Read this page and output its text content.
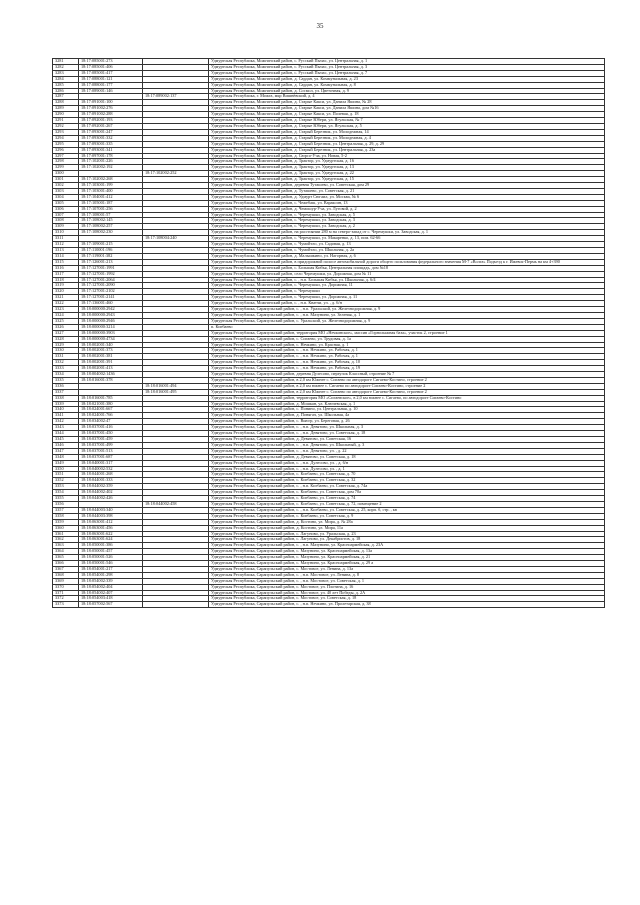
35
3281	18:17:085001:273		Удмуртская Республика, Можгинский район, с. Русский Пычас, ул. Центральная, д. 1
3282	18:17:085001:406		Удмуртская Республика, Можгинский район, с. Русский Пычас, ул. Центральная, д. 3
3283	18:17:085001:417		Удмуртская Республика, Можгинский район, с. Русский Пычас, ул. Центральная, д. 7
3284	18:17:088001:121		Удмуртская Республика, Можгинский район, д. Сардан, ул. Коммунальная, д. 23
3285	18:17:088001:177		Удмуртская Республика, Можгинский район, д. Сардан, ул. Коммунальная, д. 8
3286	18:17:089001:146		Удмуртская Республика, Можгинский район, д. Сосмол, ул. Цветочная, д. 9
3287		18:17:089002:137	Удмуртская Республика, г. Можга, мкр Вишнёвский, д. 4
3288	18:17:091001:100		Удмуртская Республика, Можгинский район, д. Старые Какси, ул. Данила Яшина, № 28
3289	18:17:091002:276		Удмуртская Республика, Можгинский район, д. Старые Какси, ул. Данила Яшина, дом №16
3290	18:17:091002:288		Удмуртская Республика, Можгинский район, д. Старые Какси, ул. Полевая, д. 18
3291	18:17:092001:193		Удмуртская Республика, Можгинский район, д. Старые Юбери, ул. Ягульская, № 7
3292	18:17:092001:267		Удмуртская Республика, Можгинский район, д. Старые Юбери, ул. Ягульская, д. 5
3293	18:17:093001:247		Удмуртская Республика, Можгинский район, д. Старый Березник, ул. Молодежная, 14
3294	18:17:093001:332		Удмуртская Республика, Можгинский район, д. Старый Березник, ул. Молодежная, д. 4
3295	18:17:093001:335		Удмуртская Республика, Можгинский район, д. Старый Березник, ул. Центральная, д. 29, д. 29
3296	18:17:093001:341		Удмуртская Республика, Можгинский район, д. Старый Березник, ул. Центральная, д. 23а
3297	18:17:097001:178		Удмуртская Республика, Можгинский район, д. Сюрсо-Уча, ул. Новая, 5-2
3298	18:17:102001:226		Удмуртская Республика, Можгинский район, д. Трактор, ул. Удмуртская, д. 16
3299	18:17:102002:192		Удмуртская Республика, Можгинский район, д. Трактор, ул. Удмуртская, д. 13
3300		18:17:102002:252	Удмуртская Республика, Можгинский район, д. Трактор, ул. Удмуртская, д. 22
3301	18:17:102002:268		Удмуртская Республика, Можгинский район, д. Трактор, ул. Удмуртская, д. 15
3302	18:17:103001:199		Удмуртская Республика, Можгинский район, деревня Туташево, ул. Советская, дом 29
3303	18:17:103001:400		Удмуртская Республика, Можгинский район, д. Туташево, ул. Советская, д. 21
3304	18:17:104001:412		Удмуртская Республика, Можгинский район, д. Удмурт Сюгаил, ул. Москва, № 6
3305	18:17:105001:187		Удмуртская Республика, Можгинский район, с. Чежебаш, ул. Вараксин, 13
3306	18:17:107001:256		Удмуртская Республика, Можгинский район, д. Чемошур-Уча, ул. Луговой, д. 2
3307	18:17:108001:57		Удмуртская Республика, Можгинский район, с. Черемушки, ул. Заводская, д. 5
3308	18:17:108002:145		Удмуртская Республика, Можгинский район, с. Черемушки, ул. Заводская, д. 3
3309	18:17:108002:257		Удмуртская Республика, Можгинский район, с. Черемушки, ул. Заводская, д. 2
3310	18:17:108002:230		Удмуртская Республика, Можгинский район, на расстоянии 280 м на северо-запад от с. Черемушки, ул. Заводская, д. 1
3311		18:17:108004:240	Удмуртская Республика, Можгинский район, с. Черемушки, ул. Макаренко, д. 13, пом. 62-66
3312	18:17:109001:215		Удмуртская Республика, Можгинский район, с. Чумойтло, ул. Садовая, д. 13
3313	18:17:110001:196		Удмуртская Республика, Можгинский район, с. Чумойтло, ул. Школьная, д. 2а
3314	18:17:119001:382		Удмуртская Республика, Можгинский район, д. Малышкино, ул. Нагорная, д. 6
3315	18:17:126001:213		Удмуртская Республика, Можгинский район, в придорожной полосе автомобильной дороги общего пользования федерального значения М-7 «Волга» Подъезд к г. Ижевск-Пермь на км 4+390
3316	18:17:127001:1991		Удмуртская Республика, Можгинский район, с. Большая Кибья, Центральная площадь, дом №18
3317	18:17:127001:1992		Удмуртская Республика, Можгинский район, село Черемушки, ул. Дорожная, дом № 11
3318	18:17:127001:2064		Удмуртская Республика, Можгинский район, с. , н.п. Большая Кибья, ул. Школьная, д. 6/4
3319	18:17:127001:2090		Удмуртская Республика, Можгинский район, с. Черемушки, ул. Дорожная, 11
3320	18:17:127001:2102		Удмуртская Республика, Можгинский район, с. Черемушки
3321	18:17:127001:2141		Удмуртская Республика, Можгинский район, с. Черемушки, ул. Дорожная, д. 11
3322	18:17:136001:460		Удмуртская Республика, Можгинский район, с. , н.п. Кватчи, ул. , д. 6/н
3323	18:18:000000:2942		Удмуртская Республика, Сарапульский район, с. , н.п. Уральский, ул. Железнодорожная, д. 9
3324	18:18:000000:2943		Удмуртская Республика, Сарапульский район, с. , н.п. Мазунино, ул. Зеленая, д. 1
3325	18:18:000000:2946		Удмуртская Республика, Сарапульский район, с. Уральский, ул. Железнодорожная, д. 9
3326	18:18:000000:3214		п. Кигбаево
3327	18:18:000000:3903		Удмуртская Республика, Сарапульский район, территория МО «Нечкинское», массив «Горнолыжная база», участок 2, строение 1
3328	18:18:000000:4734		Удмуртская Республика, Сарапульский район, с. Сигаево, ул. Трудовая, д. 1а
3329	18:18:002001:340		Удмуртская Республика, Сарапульский район, с. Нечкино, ул. Красная, д. 1
3330	18:18:002001:373		Удмуртская Республика, Сарапульский район, с. , н.п. Нечкино, ул. Рабочая, д. 1
3331	18:18:002001:381		Удмуртская Республика, Сарапульский район, с. , н.п. Нечкино, ул. Рабочая, д. 1
3332	18:18:002001:391		Удмуртская Республика, Сарапульский район, с. , н.п. Нечкино, ул. Рабочая, д. 10
3333	18:18:002001:413		Удмуртская Республика, Сарапульский район, с. , н.п. Нечкино, ул. Рабочая, д. 19
3334	18:18:004002:1436		Удмуртская Республика, Сарапульский район, деревня Дулесово, переулок Классный, строение № 7
3335	18:18:016001:378		Удмуртская Республика, Сарапульский район, в 2,0 км Южнее с. Сигаево по автодороге Сигаево-Костино, строение 2
3336		18:18:016001:494	Удмуртская Республика, Сарапульский район, в 2,0 км южнее с. Сигаево по автодороге Сигаево-Костино, строение 2
3337		18:18:016001:495	Удмуртская Республика, Сарапульский район, в 2,0 км Южнее с. Сигаево по автодороге Сигаево-Костино, строение 2
3338	18:18:016001:785		Удмуртская Республика, Сарапульский район, территория МО «Сигаевское», в 2,0 км южнее с. Сигаево, по автодороге Сигаево-Костино
3339	18:18:021001:380		Удмуртская Республика, Сарапульский район, д. Мошкан, ул. Ключевская, д. 1
3340	18:18:024001:667		Удмуртская Республика, Сарапульский район, с. Понино, ул. Центральная, д. 10
3341	18:18:024001:766		Удмуртская Республика, Сарапульский район, д. Понягач, ул. Школьная, 4а
3342	18:18:034002:47		Удмуртская Республика, Сарапульский район, с. Вьюгр, ул. Береговая, д. 26
3343	18:18:037001:416		Удмуртская Республика, Сарапульский район, с. , н.п. Девятово, ул. Школьная, д. 3
3344	18:18:037001:450		Удмуртская Республика, Сарапульский район, с. , н.п. Девятово, ул. Советская, д. 18
3345	18:18:037001:459		Удмуртская Республика, Сарапульский район, д. Девятово, ул. Советская, 16
3346	18:18:037001:499		Удмуртская Республика, Сарапульский район, с. , н.п. Девятово, ул. Школьный, д. 3
3347	18:18:037001:513		Удмуртская Республика, Сарапульский район, с. , н.п. Девятово, ул. , д. 22
3348	18:18:037001:687		Удмуртская Республика, Сарапульский район, д. Девятово, ул. Советская, д. 18
3349	18:18:040001:317		Удмуртская Республика, Сарапульский район, с. , н.п. Дулесово, ул. , д. 6/н
3350	18:18:040002:532		Удмуртская Республика, Сарапульский район, с. , н.п. Дулесово, ул. , д. 1
3351	18:18:044001:268		Удмуртская Республика, Сарапульский район, с. Кигбаево, ул. Советская, д. 70
3352	18:18:044001:333		Удмуртская Республика, Сарапульский район, с. Кигбаево, ул. Советская, д. 32
3353	18:18:044002:359		Удмуртская Республика, Сарапульский район, с. , н.п. Кигбаево, ул. Советская, д. 74а
3354	18:18:044002:402		Удмуртская Республика, Сарапульский район, с. Кигбаево, ул. Советская, дом 70а
3355	18:18:044002:426		Удмуртская Республика, Сарапульский район, с. Кигбаево, ул. Советская, д. 74
3356		18:18:044002:458	Удмуртская Республика, Сарапульский район, с. Кигбаево, ул. Советская, д. 72, помещение 2
3357	18:18:044003:340		Удмуртская Республика, Сарапульский район, с. , н.п. Кигбаево, ул. Советская, д. 25, корп. б, стр. , кв
3358	18:18:044003:398		Удмуртская Республика, Сарапульский район, с. Кигбаево, ул. Советская, д. 9
3359	18:18:063001:412		Удмуртская Республика, Сарапульский район, д. Костино, ул. Мира, д. № 28а
3360	18:18:063001:456		Удмуртская Республика, Сарапульский район, д. Костино, ул. Мира, 11а
3361	18:18:063001:622		Удмуртская Республика, Сарапульский район, с. Лагуново, ул. Уральская, д. 23
3362	18:18:063001:624		Удмуртская Республика, Сарапульский район, с. Лагуново, ул. Декабристов, д. 18
3363	18:18:050001:386		Удмуртская Республика, Сарапульский район, с. , н.п. Мазунино, ул. Красноармейская, д. 23А
3364	18:18:050001:457		Удмуртская Республика, Сарапульский район, с. Мазунино, ул. Красноармейская, д. 13а
3365	18:18:050001:526		Удмуртская Республика, Сарапульский район, с. Мазунино, ул. Красноармейская, д. 21
3366	18:18:050001:546		Удмуртская Республика, Сарапульский район, с. Мазунино, ул. Красноармейская, д. 29 а
3367	18:18:054001:217		Удмуртская Республика, Сарапульский район, с. Мостовое, ул. Ленина, д. 13а
3368	18:18:054001:298		Удмуртская Республика, Сарапульский район, с. , н.п. Мостовое, ул. Ленина, д. 8
3369	18:18:054002:339		Удмуртская Республика, Сарапульский район, с. , н.п. Мостовое, ул. Советская, д. 1
3370	18:18:054002:404		Удмуртская Республика, Сарапульский район, с. Мостовое, ул. Плотина, д. 16
3371	18:18:054002:407		Удмуртская Республика, Сарапульский район, с. Мостовое, ул. 40 лет Победы, д. 2А
3372	18:18:054003:418		Удмуртская Республика, Сарапульский район, с. Мостовое, ул. Советская, д. 18
3373	18:18:057002:567		Удмуртская Республика, Сарапульский район, с. , н.п. Нечкино, ул. Пролетарская, д. 38
